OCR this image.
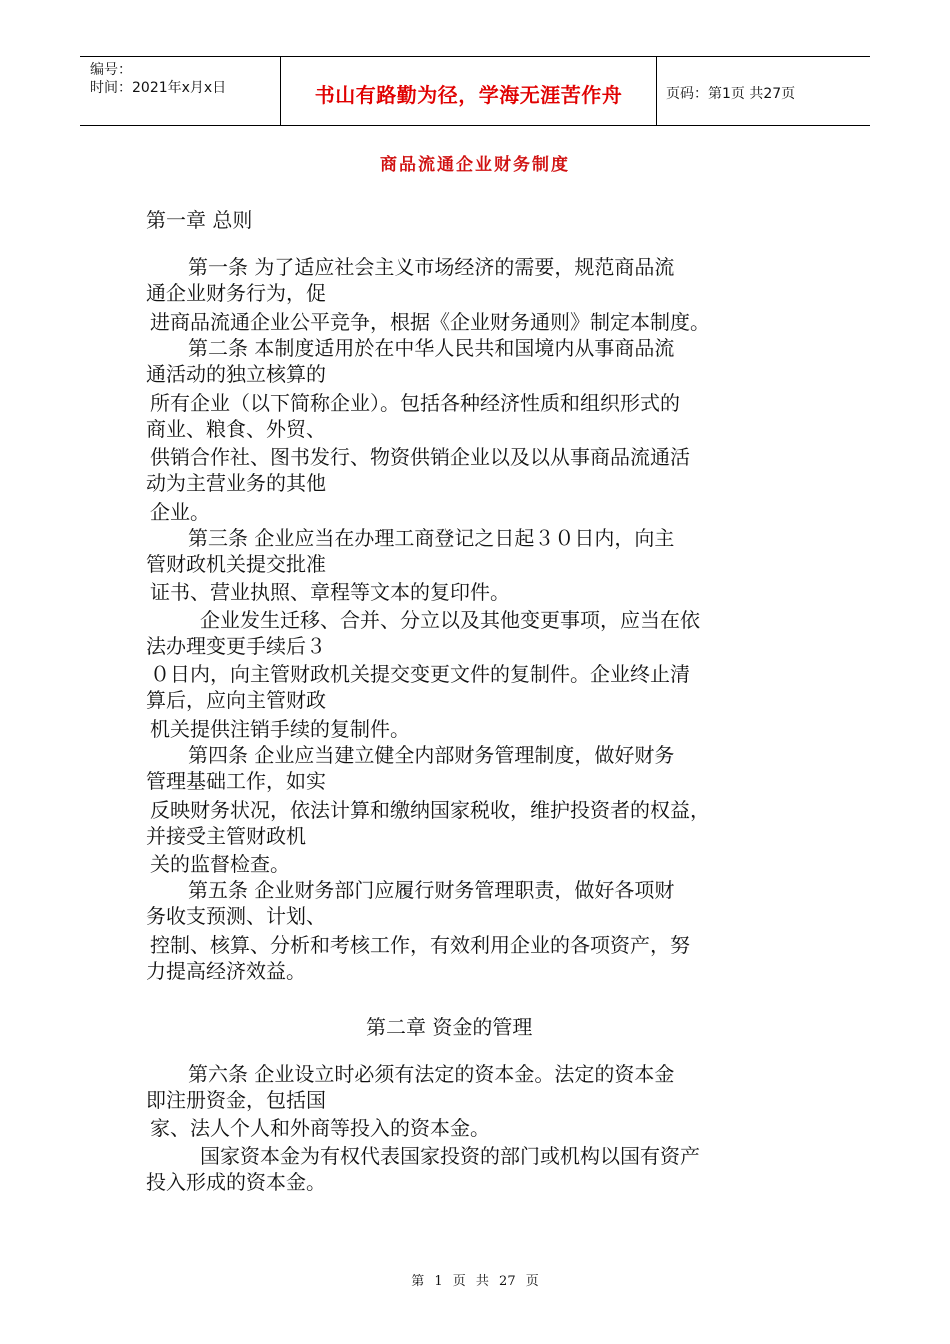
编号：
时间：2021年x月x日	书山有路勤为径，学海无涯苦作舟	页码：第1页 共27页
商品流通企业财务制度
第一章 总则
第一条 为了适应社会主义市场经济的需要，规范商品流
通企业财务行为，促
进商品流通企业公平竞争，根据《企业财务通则》制定本制度。
第二条 本制度适用於在中华人民共和国境内从事商品流
通活动的独立核算的
所有企业（以下简称企业）。包括各种经济性质和组织形式的
商业、粮食、外贸、
供销合作社、图书发行、物资供销企业以及以从事商品流通活
动为主营业务的其他
企业。
第三条 企业应当在办理工商登记之日起３０日内，向主
管财政机关提交批准
证书、营业执照、章程等文本的复印件。
企业发生迁移、合并、分立以及其他变更事项，应当在依
法办理变更手续后３
０日内，向主管财政机关提交变更文件的复制件。企业终止清
算后，应向主管财政
机关提供注销手续的复制件。
第四条 企业应当建立健全内部财务管理制度，做好财务
管理基础工作，如实
反映财务状况，依法计算和缴纳国家税收，维护投资者的权益，
并接受主管财政机
关的监督检查。
第五条 企业财务部门应履行财务管理职责，做好各项财
务收支预测、计划、
控制、核算、分析和考核工作，有效利用企业的各项资产，努
力提高经济效益。
第二章 资金的管理
第六条 企业设立时必须有法定的资本金。法定的资本金
即注册资金，包括国
家、法人个人和外商等投入的资本金。
国家资本金为有权代表国家投资的部门或机构以国有资产
投入形成的资本金。
第 1 页 共 27 页
